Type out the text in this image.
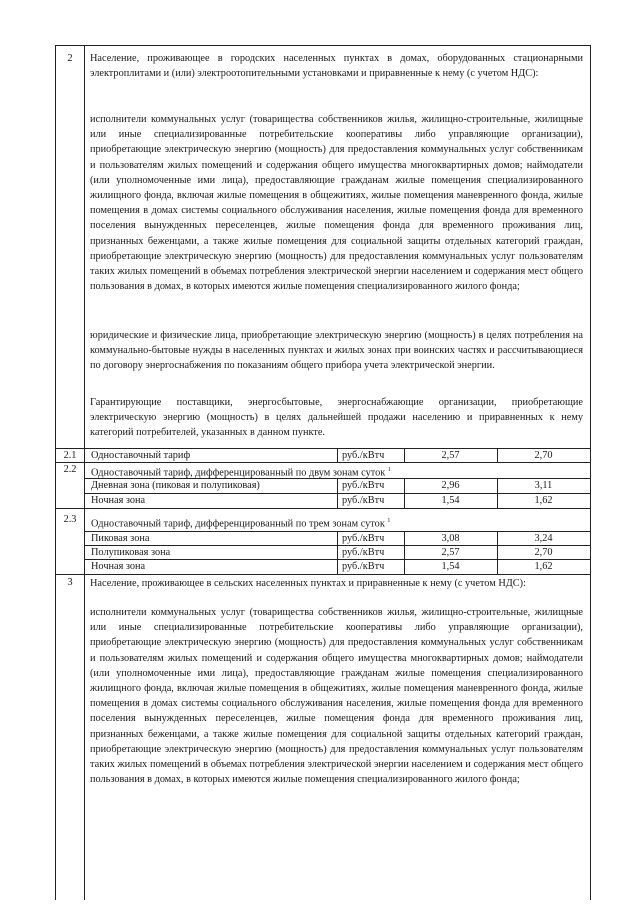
2	Население, проживающее в городских населенных пунктах в домах, оборудованных стационарными электроплитами и (или) электроотопительными установками и приравненные к нему (с учетом НДС):

исполнители коммунальных услуг (товарищества собственников жилья, жилищно-строительные, жилищные или иные специализированные потребительские кооперативы либо управляющие организации), приобретающие электрическую энергию (мощность) для предоставления коммунальных услуг собственникам и пользователям жилых помещений и содержания общего имущества многоквартирных домов; наймодатели (или уполномоченные ими лица), предоставляющие гражданам жилые помещения специализированного жилищного фонда, включая жилые помещения в общежитиях, жилые помещения маневренного фонда, жилые помещения в домах системы социального обслуживания населения, жилые помещения фонда для временного поселения вынужденных переселенцев, жилые помещения фонда для временного проживания лиц, признанных беженцами, а также жилые помещения для социальной защиты отдельных категорий граждан, приобретающие электрическую энергию (мощность) для предоставления коммунальных услуг пользователям таких жилых помещений в объемах потребления электрической энергии населением и содержания мест общего пользования в домах, в которых имеются жилые помещения специализированного жилого фонда;

юридические и физические лица, приобретающие электрическую энергию (мощность) в целях потребления на коммунально-бытовые нужды в населенных пунктах и жилых зонах при воинских частях и рассчитывающиеся по договору энергоснабжения по показаниям общего прибора учета электрической энергии.

Гарантирующие поставщики, энергосбытовые, энергоснабжающие организации, приобретающие электрическую энергию (мощность) в целях дальнейшей продажи населению и приравненных к нему категорий потребителей, указанных в данном пункте.

2.1	Одноставочный тариф	руб./кВтч	2,57	2,70
2.2	Одноставочный тариф, дифференцированный по двум зонам суток $^1$
Дневная зона (пиковая и полупиковая)	руб./кВтч	2,96	3,11
Ночная зона	руб./кВтч	1,54	1,62
2.3	Одноставочный тариф, дифференцированный по трем зонам суток $^1$
Пиковая зона	руб./кВтч	3,08	3,24
Полупиковая зона	руб./кВтч	2,57	2,70
Ночная зона	руб./кВтч	1,54	1,62
3	Население, проживающее в сельских населенных пунктах и приравненные к нему (с учетом НДС):

исполнители коммунальных услуг (товарищества собственников жилья, жилищно-строительные, жилищные или иные специализированные потребительские кооперативы либо управляющие организации), приобретающие электрическую энергию (мощность) для предоставления коммунальных услуг собственникам и пользователям жилых помещений и содержания общего имущества многоквартирных домов; наймодатели (или уполномоченные ими лица), предоставляющие гражданам жилые помещения специализированного жилищного фонда, включая жилые помещения в общежитиях, жилые помещения маневренного фонда, жилые помещения в домах системы социального обслуживания населения, жилые помещения фонда для временного поселения вынужденных переселенцев, жилые помещения фонда для временного проживания лиц, признанных беженцами, а также жилые помещения для социальной защиты отдельных категорий граждан, приобретающие электрическую энергию (мощность) для предоставления коммунальных услуг пользователям таких жилых помещений в объемах потребления электрической энергии населением и содержания мест общего пользования в домах, в которых имеются жилые помещения специализированного жилого фонда;
